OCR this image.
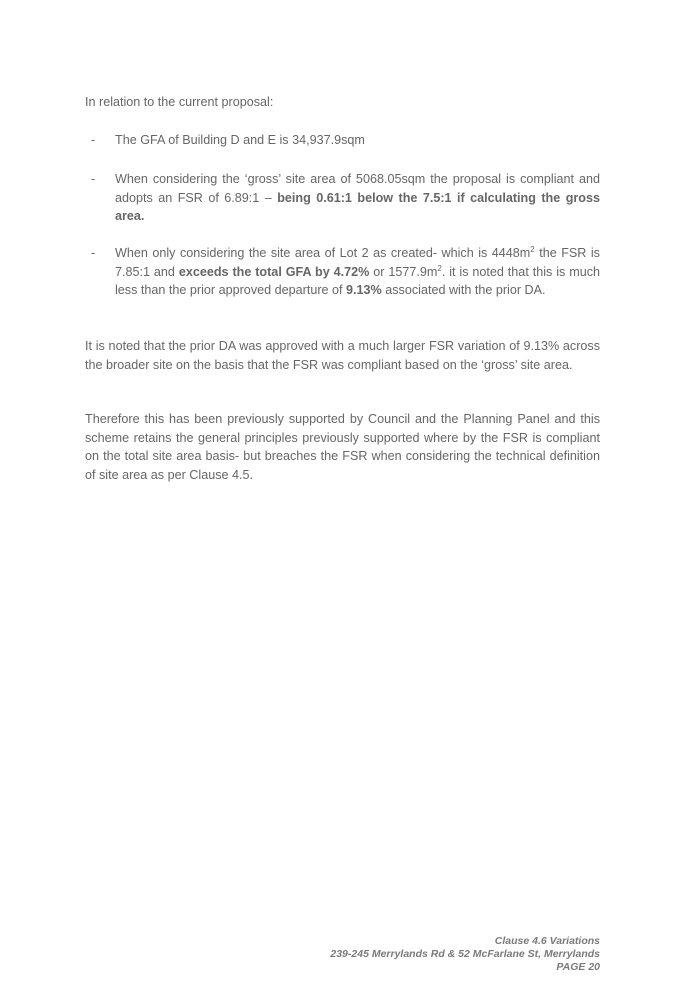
In relation to the current proposal:

- The GFA of Building D and E is 34,937.9sqm

- When considering the ‘gross’ site area of 5068.05sqm the proposal is compliant and adopts an FSR of 6.89:1 – being 0.61:1 below the 7.5:1 if calculating the gross area.

- When only considering the site area of Lot 2 as created- which is $4448m^2$ the FSR is 7.85:1 and exceeds the total GFA by 4.72% or $1577.9m^2$. it is noted that this is much less than the prior approved departure of 9.13% associated with the prior DA.

It is noted that the prior DA was approved with a much larger FSR variation of 9.13% across the broader site on the basis that the FSR was compliant based on the ‘gross’ site area.

Therefore this has been previously supported by Council and the Planning Panel and this scheme retains the general principles previously supported where by the FSR is compliant on the total site area basis- but breaches the FSR when considering the technical definition of site area as per Clause 4.5.

Clause 4.6 Variations
239-245 Merrylands Rd & 52 McFarlane St, Merrylands
PAGE 20
